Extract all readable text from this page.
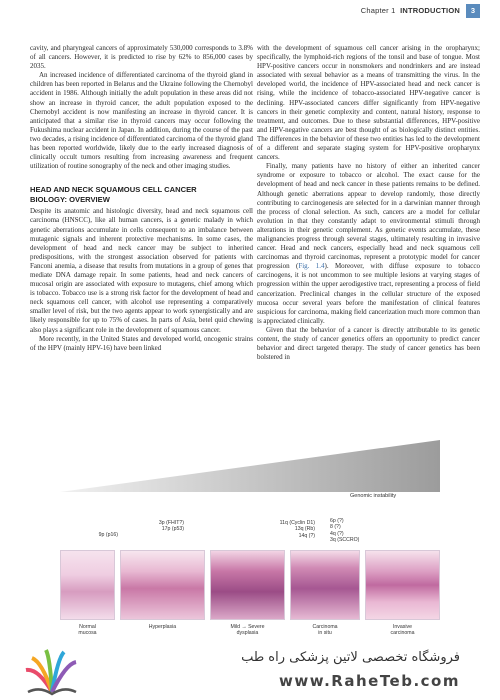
Chapter 1 INTRODUCTION	3

cavity, and pharyngeal cancers of approximately 530,000 corresponds to 3.8% of all cancers. However, it is predicted to rise by 62% to 856,000 cases by 2035.

An increased incidence of differentiated carcinoma of the thyroid gland in children has been reported in Belarus and the Ukraine following the Chernobyl accident in 1986. Although initially the adult population in these areas did not show an increase in thyroid cancer, the adult population exposed to the Chernobyl accident is now manifesting an increase in thyroid cancer. It is anticipated that a similar rise in thyroid cancers may occur following the Fukushima nuclear accident in Japan. In addition, during the course of the past two decades, a rising incidence of differentiated carcinoma of the thyroid gland has been reported worldwide, likely due to the early increased diagnosis of clinically occult tumors resulting from increasing awareness and frequent utilization of routine sonography of the neck and other imaging studies.

HEAD AND NECK SQUAMOUS CELL CANCER
BIOLOGY: OVERVIEW

Despite its anatomic and histologic diversity, head and neck squamous cell carcinoma (HNSCC), like all human cancers, is a genetic malady in which genetic aberrations accumulate in cells consequent to an imbalance between mutagenic signals and inherent protective mechanisms. In some cases, the development of head and neck cancer may be subject to inherited predispositions, with the strongest association observed for patients with Fanconi anemia, a disease that results from mutations in a group of genes that mediate DNA damage repair. In some patients, head and neck cancers of mucosal origin are associated with exposure to mutagens, chief among which is tobacco. Tobacco use is a strong risk factor for the development of head and neck squamous cell cancer, with alcohol use representing a comparatively smaller level of risk, but the two agents appear to work synergistically and are likely responsible for up to 75% of cases. In parts of Asia, betel quid chewing also plays a significant role in the development of squamous cancer.

More recently, in the United States and developed world, oncogenic strains of the HPV (mainly HPV-16) have been linked

with the development of squamous cell cancer arising in the oropharynx; specifically, the lymphoid-rich regions of the tonsil and base of tongue. Most HPV-positive cancers occur in nonsmokers and nondrinkers and are instead associated with sexual behavior as a means of transmitting the virus. In the developed world, the incidence of HPV-associated head and neck cancer is rising, while the incidence of tobacco-associated HPV-negative cancer is declining. HPV-associated cancers differ significantly from HPV-negative cancers in their genetic complexity and content, natural history, response to treatment, and outcomes. Due to these substantial differences, HPV-positive and HPV-negative cancers are best thought of as biologically distinct entities. The differences in the behavior of these two entities has led to the development of a different and separate staging system for HPV-positive oropharynx cancers.

Finally, many patients have no history of either an inherited cancer syndrome or exposure to tobacco or alcohol. The exact cause for the development of head and neck cancer in these patients remains to be defined. Although genetic aberrations appear to develop randomly, those directly contributing to carcinogenesis are selected for in a darwinian manner through the process of clonal selection. As such, cancers are a model for cellular evolution in that they constantly adapt to environmental stimuli through alterations in their genetic complement. As genetic events accumulate, these malignancies progress through several stages, ultimately resulting in invasive cancer. Head and neck cancers, especially head and neck squamous cell carcinomas and thyroid carcinomas, represent a prototypic model for cancer progression (Fig. 1.4). Moreover, with diffuse exposure to tobacco carcinogens, it is not uncommon to see multiple lesions at varying stages of progression within the upper aerodigestive tract, representing a process of field cancerization. Preclinical changes in the cellular structure of the exposed mucosa occur several years before the manifestation of clinical features suspicious for carcinoma, making field cancerization much more common than is appreciated clinically.

Given that the behavior of a cancer is directly attributable to its genetic content, the study of cancer genetics offers an opportunity to predict cancer behavior and direct targeted therapy. The study of cancer genetics has been bolstered in

Genomic instability
9p (p16)
3p (FHIT?)
17p (p53)
11q (Cyclin D1)
13q (Rb)
14q (?)
6p (?)
8 (?)
4q (?)
3q (SCCRO)
Normal
mucosa
Hyperplasia	Mild → Severe
dysplasia
Carcinoma
in situ
Invasive
carcinoma
فروشگاه تخصصی لاتین پزشکی راه طب
www.RaheTeb.com
